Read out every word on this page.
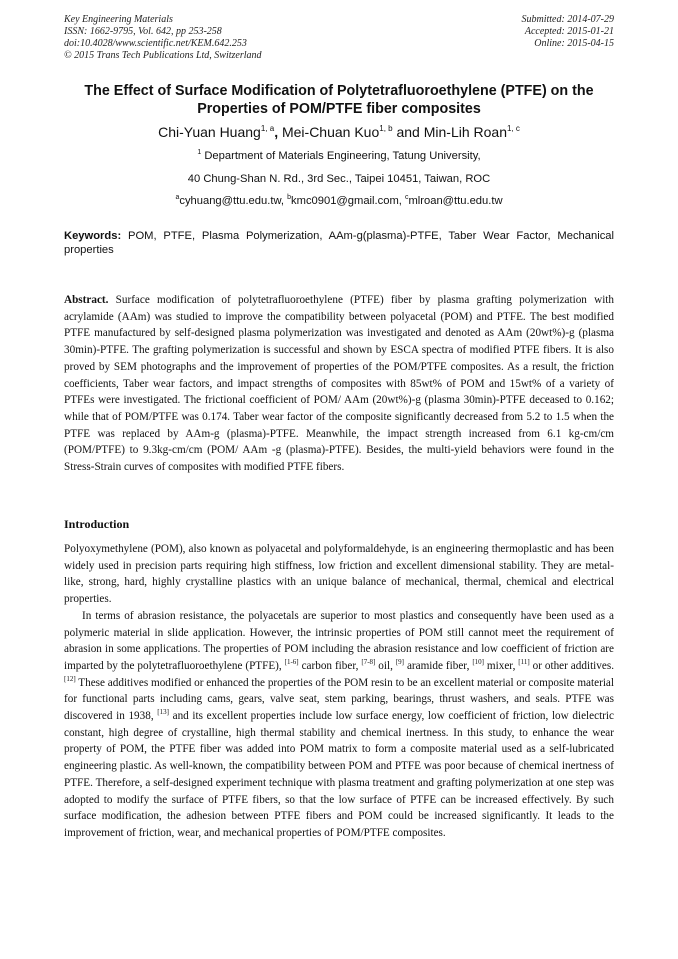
Key Engineering Materials
ISSN: 1662-9795, Vol. 642, pp 253-258
doi:10.4028/www.scientific.net/KEM.642.253
© 2015 Trans Tech Publications Ltd, Switzerland
Submitted: 2014-07-29
Accepted: 2015-01-21
Online: 2015-04-15
The Effect of Surface Modification of Polytetrafluoroethylene (PTFE) on the Properties of POM/PTFE fiber composites
Chi-Yuan Huang$^{1, a}$, Mei-Chuan Kuo$^{1, b}$ and Min-Lih Roan$^{1, c}$
$^1$ Department of Materials Engineering, Tatung University,
40 Chung-Shan N. Rd., 3rd Sec., Taipei 10451, Taiwan, ROC
$^a$cyhuang@ttu.edu.tw, $^b$kmc0901@gmail.com, $^c$mlroan@ttu.edu.tw
Keywords: POM, PTFE, Plasma Polymerization, AAm-g(plasma)-PTFE, Taber Wear Factor, Mechanical properties
Abstract. Surface modification of polytetrafluoroethylene (PTFE) fiber by plasma grafting polymerization with acrylamide (AAm) was studied to improve the compatibility between polyacetal (POM) and PTFE. The best modified PTFE manufactured by self-designed plasma polymerization was investigated and denoted as AAm (20wt%)-g (plasma 30min)-PTFE. The grafting polymerization is successful and shown by ESCA spectra of modified PTFE fibers. It is also proved by SEM photographs and the improvement of properties of the POM/PTFE composites. As a result, the friction coefficients, Taber wear factors, and impact strengths of composites with 85wt% of POM and 15wt% of a variety of PTFEs were investigated. The frictional coefficient of POM/ AAm (20wt%)-g (plasma 30min)-PTFE deceased to 0.162; while that of POM/PTFE was 0.174. Taber wear factor of the composite significantly decreased from 5.2 to 1.5 when the PTFE was replaced by AAm-g (plasma)-PTFE. Meanwhile, the impact strength increased from 6.1 kg-cm/cm (POM/PTFE) to 9.3kg-cm/cm (POM/ AAm -g (plasma)-PTFE). Besides, the multi-yield behaviors were found in the Stress-Strain curves of composites with modified PTFE fibers.
Introduction

Polyoxymethylene (POM), also known as polyacetal and polyformaldehyde, is an engineering thermoplastic and has been widely used in precision parts requiring high stiffness, low friction and excellent dimensional stability. They are metal-like, strong, hard, highly crystalline plastics with an unique balance of mechanical, thermal, chemical and electrical properties.

In terms of abrasion resistance, the polyacetals are superior to most plastics and consequently have been used as a polymeric material in slide application. However, the intrinsic properties of POM still cannot meet the requirement of abrasion in some applications. The properties of POM including the abrasion resistance and low coefficient of friction are imparted by the polytetrafluoroethylene (PTFE), [1-6] carbon fiber, [7-8] oil, [9] aramide fiber, [10] mixer, [11] or other additives. [12] These additives modified or enhanced the properties of the POM resin to be an excellent material or composite material for functional parts including cams, gears, valve seat, stem parking, bearings, thrust washers, and seals. PTFE was discovered in 1938, [13] and its excellent properties include low surface energy, low coefficient of friction, low dielectric constant, high degree of crystalline, high thermal stability and chemical inertness. In this study, to enhance the wear property of POM, the PTFE fiber was added into POM matrix to form a composite material used as a self-lubricated engineering plastic. As well-known, the compatibility between POM and PTFE was poor because of chemical inertness of PTFE. Therefore, a self-designed experiment technique with plasma treatment and grafting polymerization at one step was adopted to modify the surface of PTFE fibers, so that the low surface of PTFE can be increased effectively. By such surface modification, the adhesion between PTFE fibers and POM could be increased significantly. It leads to the improvement of friction, wear, and mechanical properties of POM/PTFE composites.
